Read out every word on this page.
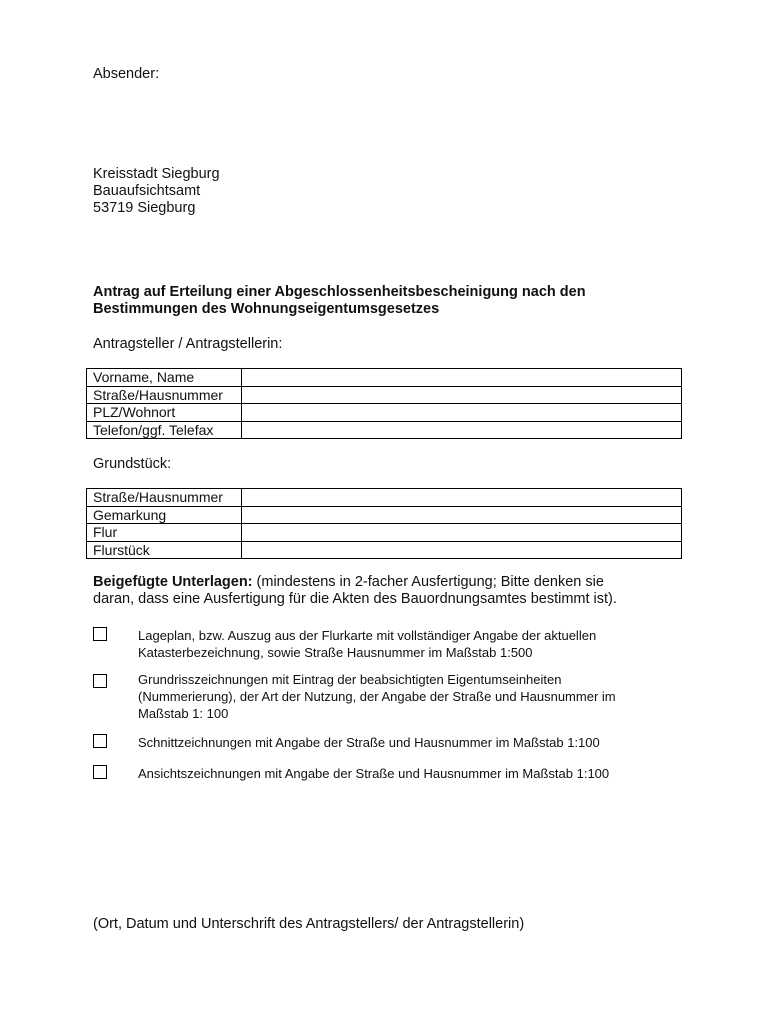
Absender:
Kreisstadt Siegburg
Bauaufsichtsamt
53719 Siegburg
Antrag auf Erteilung einer Abgeschlossenheitsbescheinigung nach den
Bestimmungen des Wohnungseigentumsgesetzes
Antragsteller / Antragstellerin:
Vorname, Name	
Straße/Hausnummer	
PLZ/Wohnort	
Telefon/ggf. Telefax	
Grundstück:
Straße/Hausnummer	
Gemarkung	
Flur	
Flurstück	
Beigefügte Unterlagen: (mindestens in 2-facher Ausfertigung; Bitte denken sie
daran, dass eine Ausfertigung für die Akten des Bauordnungsamtes bestimmt ist).
Lageplan, bzw. Auszug aus der Flurkarte mit vollständiger Angabe der aktuellen
Katasterbezeichnung, sowie Straße Hausnummer im Maßstab 1:500
Grundrisszeichnungen mit Eintrag der beabsichtigten Eigentumseinheiten
(Nummerierung), der Art der Nutzung, der Angabe der Straße und Hausnummer im
Maßstab 1: 100
Schnittzeichnungen mit Angabe der Straße und Hausnummer im Maßstab 1:100
Ansichtszeichnungen mit Angabe der Straße und Hausnummer im Maßstab 1:100
(Ort, Datum und Unterschrift des Antragstellers/ der Antragstellerin)
